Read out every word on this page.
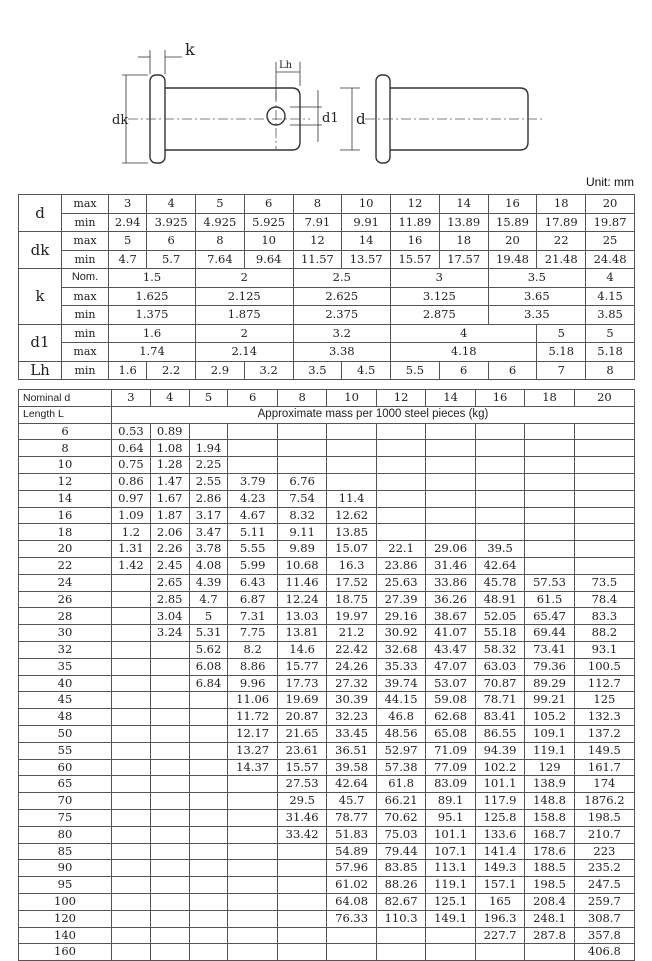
k
Lh
dk	d1 d
Unit: mm
d	max	3	4	5	6	8	10	12	14	16	18	20
	min	2.94	3.925	4.925	5.925	7.91	9.91	11.89	13.89	15.89	17.89	19.87
dk	max	5	6	8	10	12	14	16	18	20	22	25
	min	4.7	5.7	7.64	9.64	11.57	13.57	15.57	17.57	19.48	21.48	24.48
k	Nom.	1.5		2		2.5		3		3.5		4
	max	1.625		2.125		2.625		3.125		3.65		4.15
	min	1.375		1.875		2.375		2.875		3.35		3.85
d1	min	1.6		2		3.2		4			5	5
	max	1.74		2.14		3.38		4.18			5.18	5.18
Lh	min	1.6	2.2	2.9	3.2	3.5	4.5	5.5	6	6	7	8
Nominal d	3	4	5	6	8	10	12	14	16	18	20
Length L	Approximate mass per 1000 steel pieces (kg)										
6	0.53	0.89									
8	0.64	1.08	1.94								
10	0.75	1.28	2.25								
12	0.86	1.47	2.55	3.79	6.76						
14	0.97	1.67	2.86	4.23	7.54	11.4					
16	1.09	1.87	3.17	4.67	8.32	12.62					
18	1.2	2.06	3.47	5.11	9.11	13.85					
20	1.31	2.26	3.78	5.55	9.89	15.07	22.1	29.06	39.5		
22	1.42	2.45	4.08	5.99	10.68	16.3	23.86	31.46	42.64		
24		2.65	4.39	6.43	11.46	17.52	25.63	33.86	45.78	57.53	73.5
26		2.85	4.7	6.87	12.24	18.75	27.39	36.26	48.91	61.5	78.4
28		3.04	5	7.31	13.03	19.97	29.16	38.67	52.05	65.47	83.3
30		3.24	5.31	7.75	13.81	21.2	30.92	41.07	55.18	69.44	88.2
32			5.62	8.2	14.6	22.42	32.68	43.47	58.32	73.41	93.1
35			6.08	8.86	15.77	24.26	35.33	47.07	63.03	79.36	100.5
40			6.84	9.96	17.73	27.32	39.74	53.07	70.87	89.29	112.7
45				11.06	19.69	30.39	44.15	59.08	78.71	99.21	125
48				11.72	20.87	32.23	46.8	62.68	83.41	105.2	132.3
50				12.17	21.65	33.45	48.56	65.08	86.55	109.1	137.2
55				13.27	23.61	36.51	52.97	71.09	94.39	119.1	149.5
60				14.37	15.57	39.58	57.38	77.09	102.2	129	161.7
65					27.53	42.64	61.8	83.09	101.1	138.9	174
70					29.5	45.7	66.21	89.1	117.9	148.8	1876.2
75					31.46	78.77	70.62	95.1	125.8	158.8	198.5
80					33.42	51.83	75.03	101.1	133.6	168.7	210.7
85						54.89	79.44	107.1	141.4	178.6	223
90						57.96	83.85	113.1	149.3	188.5	235.2
95						61.02	88.26	119.1	157.1	198.5	247.5
100						64.08	82.67	125.1	165	208.4	259.7
120						76.33	110.3	149.1	196.3	248.1	308.7
140									227.7	287.8	357.8
160											406.8
